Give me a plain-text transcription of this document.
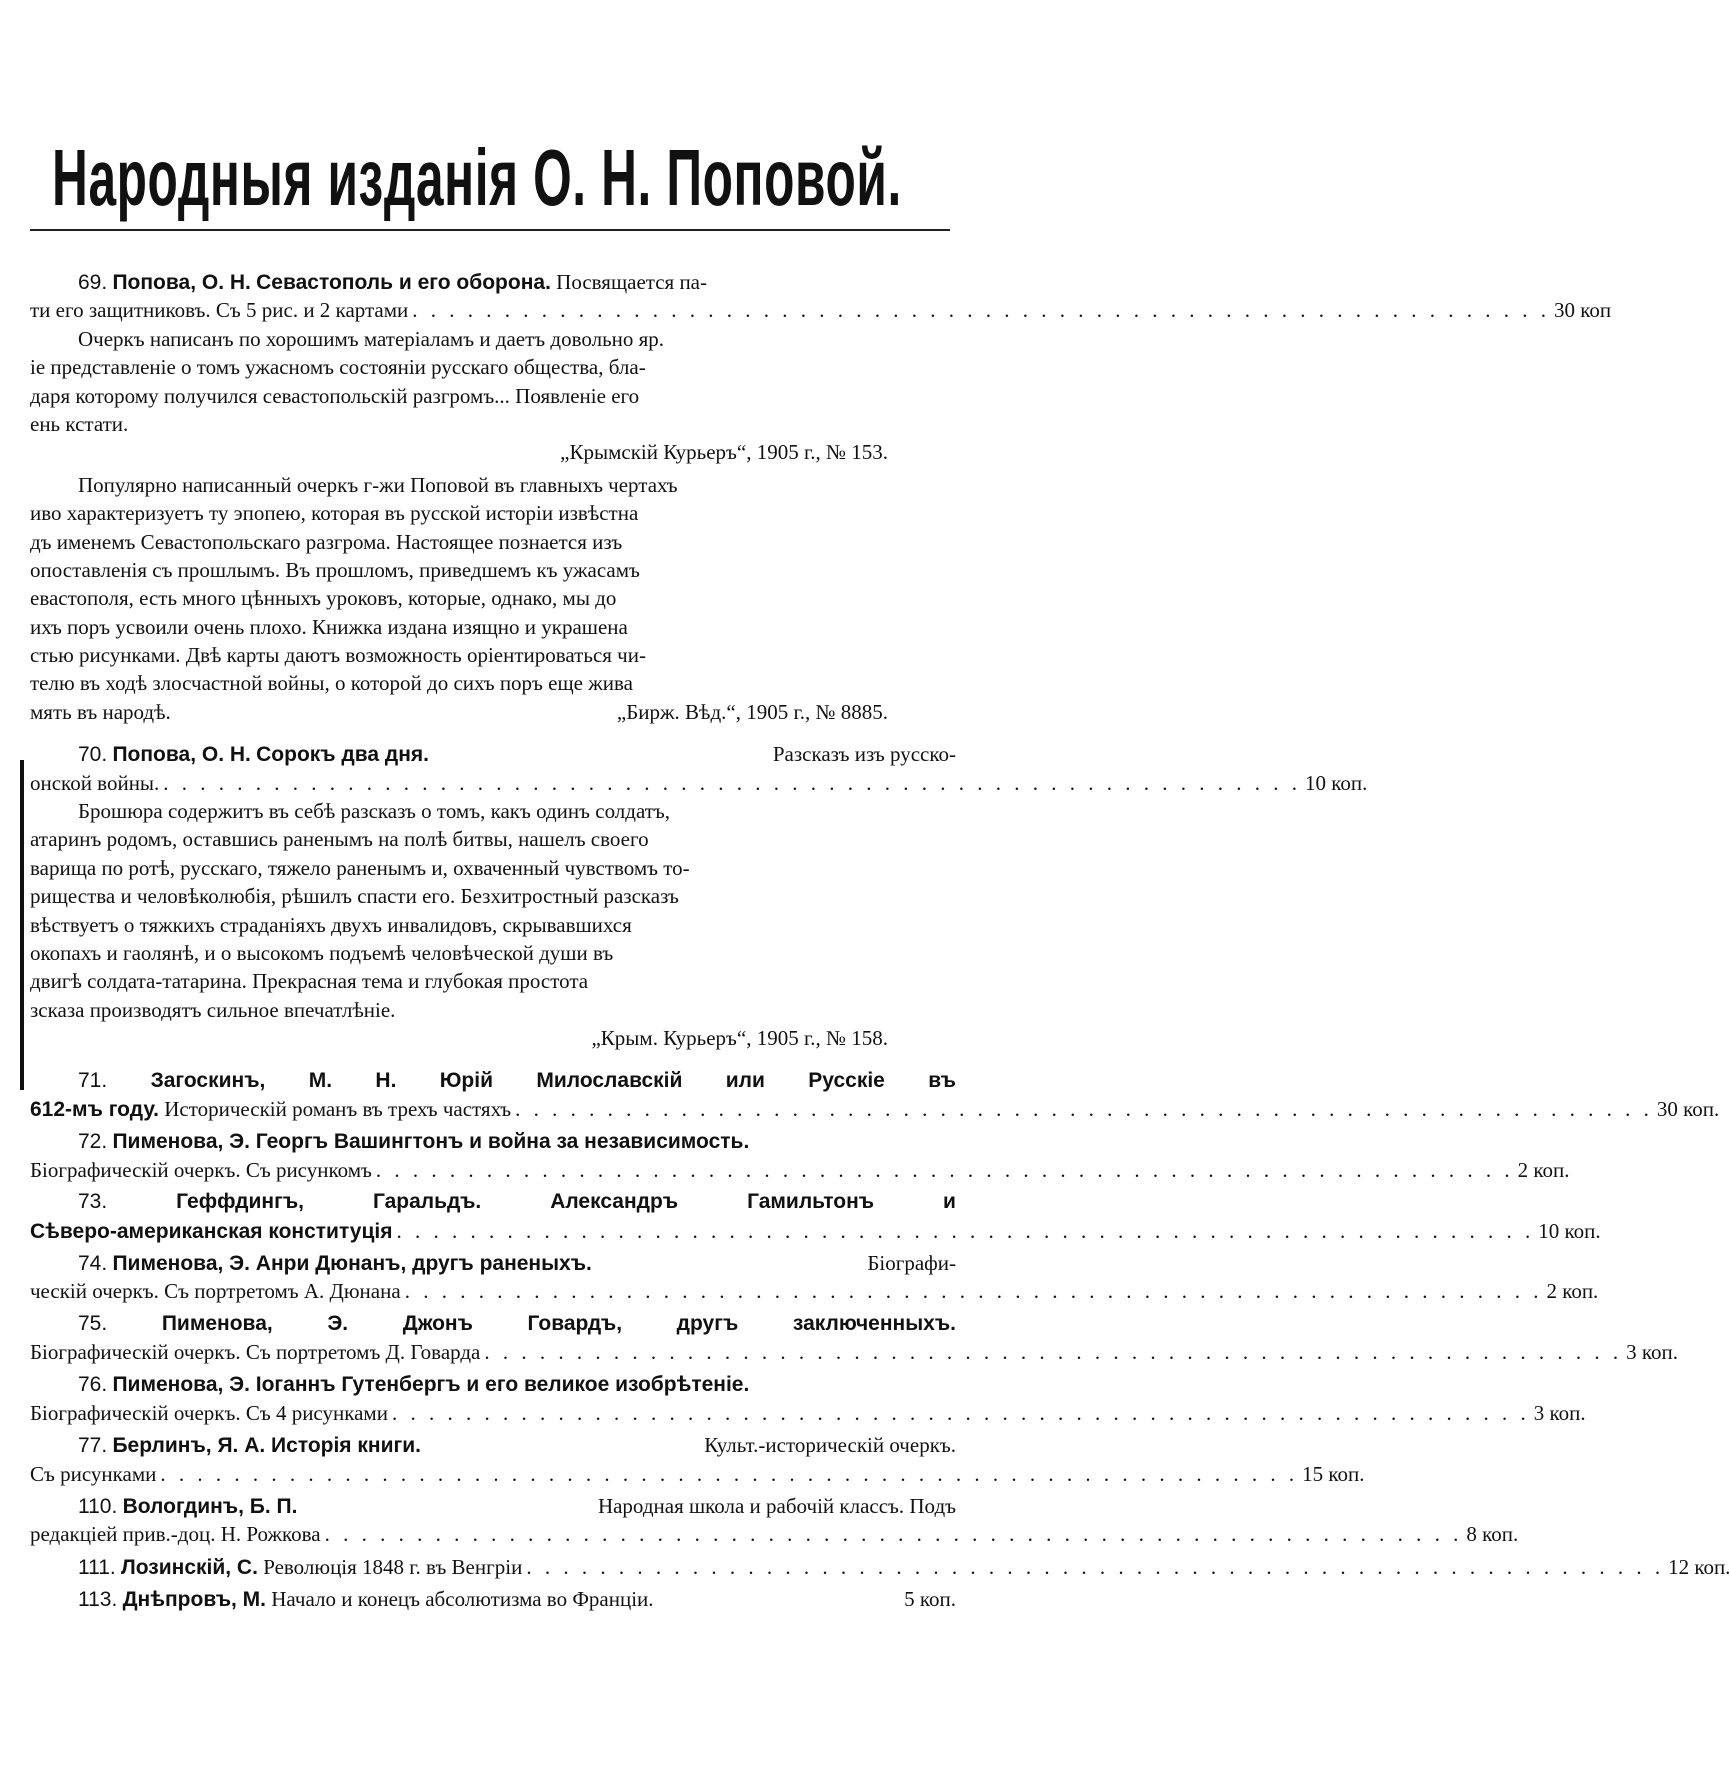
Народныя изданія О. Н. Поповой.
69. Попова, О. Н. Севастополь и его оборона. Посвящается па-
ти его защитниковъ. Съ 5 рис. и 2 картами . . . . . . . . . . . . . . . . . . . . . . . . . . . . . . . . . . . . . . . . . . . . . . . . . . . . . . . . . . . . . . 30 коп
Очеркъ написанъ по хорошимъ матеріаламъ и даетъ довольно яр.
іе представленіе о томъ ужасномъ состояніи русскаго общества, бла-
даря которому получился севастопольскій разгромъ... Появленіе его
ень кстати.
„Крымскій Курьеръ“, 1905 г., № 153.
Популярно написанный очеркъ г-жи Поповой въ главныхъ чертахъ
иво характеризуетъ ту эпопею, которая въ русской исторіи извѣстна
дъ именемъ Севастопольскаго разгрома. Настоящее познается изъ
опоставленія съ прошлымъ. Въ прошломъ, приведшемъ къ ужасамъ
евастополя, есть много цѣнныхъ уроковъ, которые, однако, мы до
ихъ поръ усвоили очень плохо. Книжка издана изящно и украшена
стью рисунками. Двѣ карты даютъ возможность оріентироваться чи-
телю въ ходѣ злосчастной войны, о которой до сихъ поръ еще жива
мять въ народѣ.	„Бирж. Вѣд.“, 1905 г., № 8885.
70. Попова, О. Н. Сорокъ два дня.	Разсказъ изъ русско-
онской войны. . . . . . . . . . . . . . . . . . . . . . . . . . . . . . . . . . . . . . . . . . . . . . . . . . . . . . . . . . . . . . . 10 коп.
Брошюра содержитъ въ себѣ разсказъ о томъ, какъ одинъ солдатъ,
атаринъ родомъ, оставшись раненымъ на полѣ битвы, нашелъ своего
варища по ротѣ, русскаго, тяжело раненымъ и, охваченный чувствомъ то-
рищества и человѣколюбія, рѣшилъ спасти его. Безхитростный разсказъ
вѣствуетъ о тяжкихъ страданіяхъ двухъ инвалидовъ, скрывавшихся
окопахъ и гаолянѣ, и о высокомъ подъемѣ человѣческой души въ
двигѣ солдата-татарина. Прекрасная тема и глубокая простота
зсказа производятъ сильное впечатлѣніе.
„Крым. Курьеръ“, 1905 г., № 158.
71. Загоскинъ, М. Н. Юрій Милославскій или Русскіе въ
612-мъ году. Историческій романъ въ трехъ частяхъ . . . . . . . . . . . . . . . . . . . . . . . . . . . . . . . . . . . . . . . . . . . . . . . . . . . . . . . . . . . . . . 30 коп.
72. Пименова, Э. Георгъ Вашингтонъ и война за независимость.
Біографическій очеркъ. Съ рисункомъ . . . . . . . . . . . . . . . . . . . . . . . . . . . . . . . . . . . . . . . . . . . . . . . . . . . . . . . . . . . . . . 2 коп.
73.	Геффдингъ,	Гаральдъ.	Александръ	Гамильтонъ	и
Сѣверо-американская конституція . . . . . . . . . . . . . . . . . . . . . . . . . . . . . . . . . . . . . . . . . . . . . . . . . . . . . . . . . . . . . . 10 коп.
74. Пименова, Э. Анри Дюнанъ, другъ раненыхъ.	Біографи-
ческій очеркъ. Съ портретомъ А. Дюнана . . . . . . . . . . . . . . . . . . . . . . . . . . . . . . . . . . . . . . . . . . . . . . . . . . . . . . . . . . . . . . 2 коп.
75.	Пименова,	Э.	Джонъ	Говардъ,	другъ	заключенныхъ.
Біографическій очеркъ. Съ портретомъ Д. Говарда . . . . . . . . . . . . . . . . . . . . . . . . . . . . . . . . . . . . . . . . . . . . . . . . . . . . . . . . . . . . . . 3 коп.
76. Пименова, Э. Іоганнъ Гутенбергъ и его великое изобрѣтеніе.
Біографическій очеркъ. Съ 4 рисунками . . . . . . . . . . . . . . . . . . . . . . . . . . . . . . . . . . . . . . . . . . . . . . . . . . . . . . . . . . . . . . 3 коп.
77. Берлинъ, Я. А. Исторія книги.	Культ.-историческій очеркъ.
Съ рисунками . . . . . . . . . . . . . . . . . . . . . . . . . . . . . . . . . . . . . . . . . . . . . . . . . . . . . . . . . . . . . . 15 коп.
110. Вологдинъ, Б. П.	Народная школа и рабочій классъ. Подъ
редакціей прив.-доц. Н. Рожкова . . . . . . . . . . . . . . . . . . . . . . . . . . . . . . . . . . . . . . . . . . . . . . . . . . . . . . . . . . . . . . 8 коп.
111. Лозинскій, С. Революція 1848 г. въ Венгріи . . . . . . . . . . . . . . . . . . . . . . . . . . . . . . . . . . . . . . . . . . . . . . . . . . . . . . . . . . . . . . 12 коп.
113. Днѣпровъ, М. Начало и конецъ абсолютизма во Франціи.	5 коп.
